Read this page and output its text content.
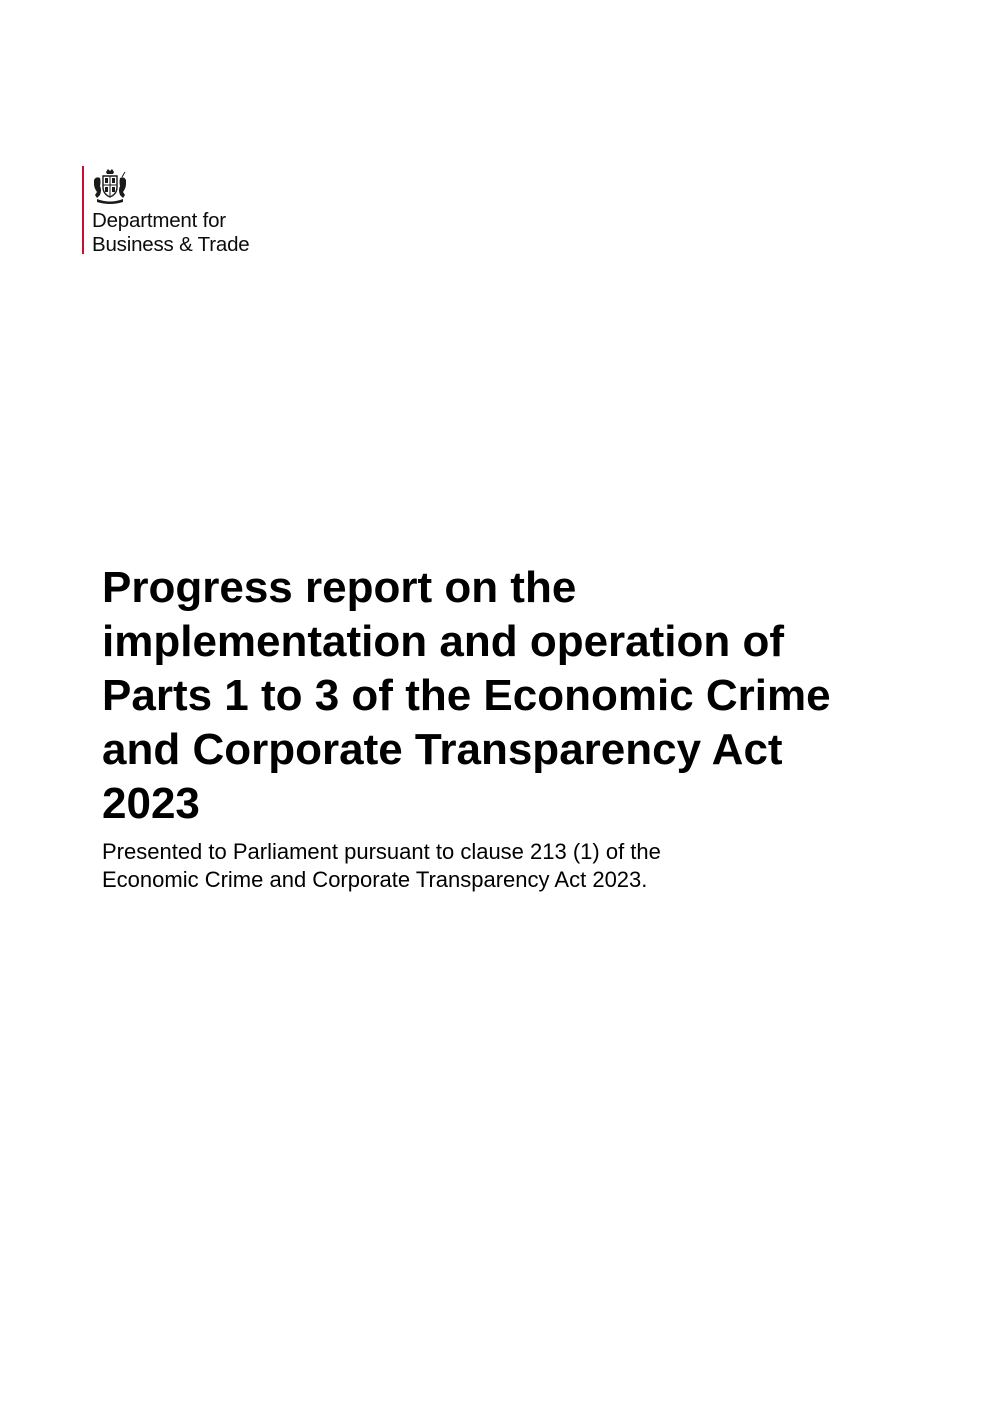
Department for
Business & Trade
Progress report on the
implementation and operation of
Parts 1 to 3 of the Economic Crime
and Corporate Transparency Act
2023

Presented to Parliament pursuant to clause 213 (1) of the
Economic Crime and Corporate Transparency Act 2023.
